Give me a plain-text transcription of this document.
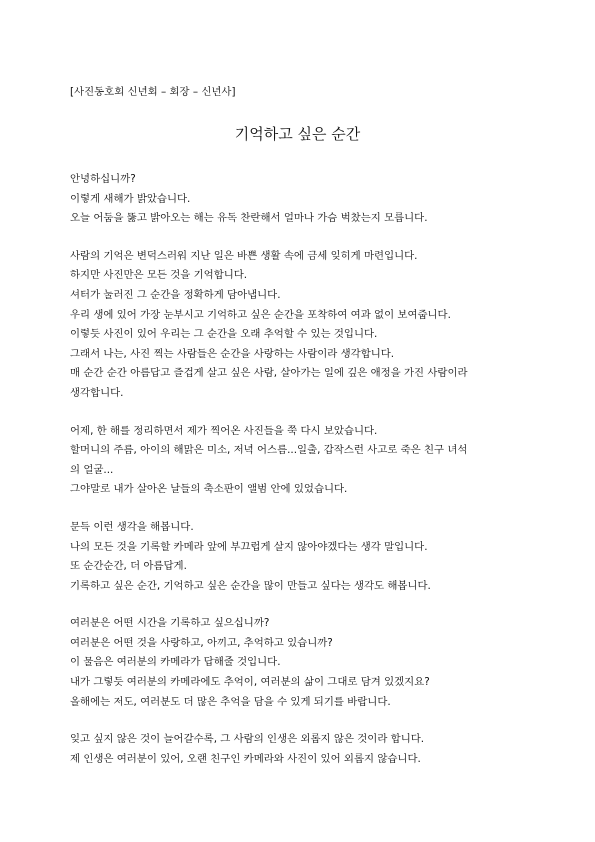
[사진동호회 신년회 – 회장 – 신년사]
기억하고 싶은 순간
안녕하십니까?
이렇게 새해가 밝았습니다.
오늘 어둠을 뚫고 밝아오는 해는 유독 찬란해서 얼마나 가슴 벅찼는지 모릅니다.
사람의 기억은 변덕스러워 지난 일은 바쁜 생활 속에 금세 잊히게 마련입니다.
하지만 사진만은 모든 것을 기억합니다.
셔터가 눌러진 그 순간을 정확하게 담아냅니다.
우리 생에 있어 가장 눈부시고 기억하고 싶은 순간을 포착하여 여과 없이 보여줍니다.
이렇듯 사진이 있어 우리는 그 순간을 오래 추억할 수 있는 것입니다.
그래서 나는, 사진 찍는 사람들은 순간을 사랑하는 사람이라 생각합니다.
매 순간 순간 아름답고 즐겁게 살고 싶은 사람, 살아가는 일에 깊은 애정을 가진 사람이라
생각합니다.
어제, 한 해를 정리하면서 제가 찍어온 사진들을 쭉 다시 보았습니다.
할머니의 주름, 아이의 해맑은 미소, 저녁 어스름...일출, 갑작스런 사고로 죽은 친구 녀석
의 얼굴...
그야말로 내가 살아온 날들의 축소판이 앨범 안에 있었습니다.
문득 이런 생각을 해봅니다.
나의 모든 것을 기록할 카메라 앞에 부끄럽게 살지 않아야겠다는 생각 말입니다.
또 순간순간, 더 아름답게.
기록하고 싶은 순간, 기억하고 싶은 순간을 많이 만들고 싶다는 생각도 해봅니다.
여러분은 어떤 시간을 기록하고 싶으십니까?
여러분은 어떤 것을 사랑하고, 아끼고, 추억하고 있습니까?
이 물음은 여러분의 카메라가 답해줄 것입니다.
내가 그렇듯 여러분의 카메라에도 추억이, 여러분의 삶이 그대로 담겨 있겠지요?
올해에는 저도, 여러분도 더 많은 추억을 담을 수 있게 되기를 바랍니다.
잊고 싶지 않은 것이 늘어갈수록, 그 사람의 인생은 외롭지 않은 것이라 합니다.
제 인생은 여러분이 있어, 오랜 친구인 카메라와 사진이 있어 외롭지 않습니다.
